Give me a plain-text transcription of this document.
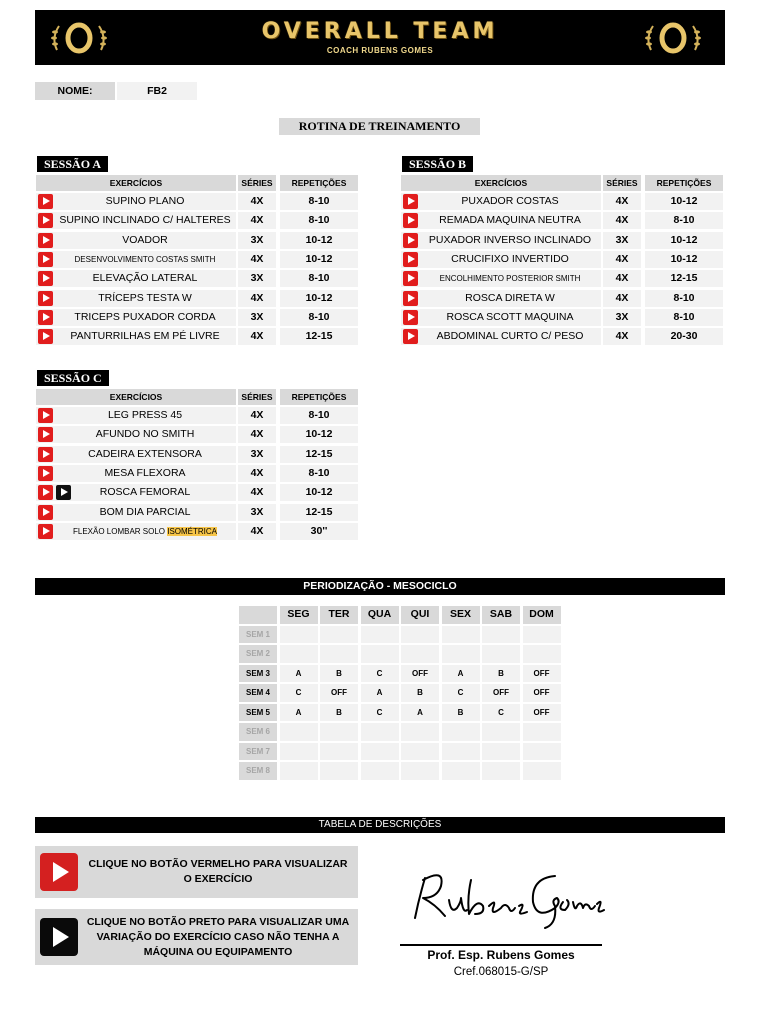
OVERALL TEAM
COACH RUBENS GOMES
NOME:	FB2
ROTINA DE TREINAMENTO
SESSÃO A
EXERCÍCIOS	SÉRIES	REPETIÇÕES
SUPINO PLANO	4X	8-10
SUPINO INCLINADO C/ HALTERES	4X	8-10
VOADOR	3X	10-12
DESENVOLVIMENTO COSTAS SMITH	4X	10-12
ELEVAÇÃO LATERAL	3X	8-10
TRÍCEPS TESTA W	4X	10-12
TRICEPS PUXADOR CORDA	3X	8-10
PANTURRILHAS EM PÉ LIVRE	4X	12-15
SESSÃO B
EXERCÍCIOS	SÉRIES	REPETIÇÕES
PUXADOR COSTAS	4X	10-12
REMADA MAQUINA NEUTRA	4X	8-10
PUXADOR INVERSO INCLINADO	3X	10-12
CRUCIFIXO INVERTIDO	4X	10-12
ENCOLHIMENTO POSTERIOR SMITH	4X	12-15
ROSCA DIRETA W	4X	8-10
ROSCA SCOTT MAQUINA	3X	8-10
ABDOMINAL CURTO C/ PESO	4X	20-30
SESSÃO C
EXERCÍCIOS	SÉRIES	REPETIÇÕES
LEG PRESS 45	4X	8-10
AFUNDO NO SMITH	4X	10-12
CADEIRA EXTENSORA	3X	12-15
MESA FLEXORA	4X	8-10
ROSCA FEMORAL	4X	10-12
BOM DIA PARCIAL	3X	12-15
FLEXÃO LOMBAR SOLO ISOMÉTRICA	4X	30''
PERIODIZAÇÃO - MESOCICLO
SEG	TER	QUA	QUI	SEX	SAB	DOM
SEM 1
SEM 2
SEM 3	A	B	C	OFF	A	B	OFF
SEM 4	C	OFF	A	B	C	OFF	OFF
SEM 5	A	B	C	A	B	C	OFF
SEM 6
SEM 7
SEM 8
TABELA DE DESCRIÇÕES
CLIQUE NO BOTÃO VERMELHO PARA VISUALIZAR O EXERCÍCIO
CLIQUE NO BOTÃO PRETO PARA VISUALIZAR UMA VARIAÇÃO DO EXERCÍCIO CASO NÃO TENHA A MÁQUINA OU EQUIPAMENTO	Prof. Esp. Rubens Gomes
Cref.068015-G/SP
